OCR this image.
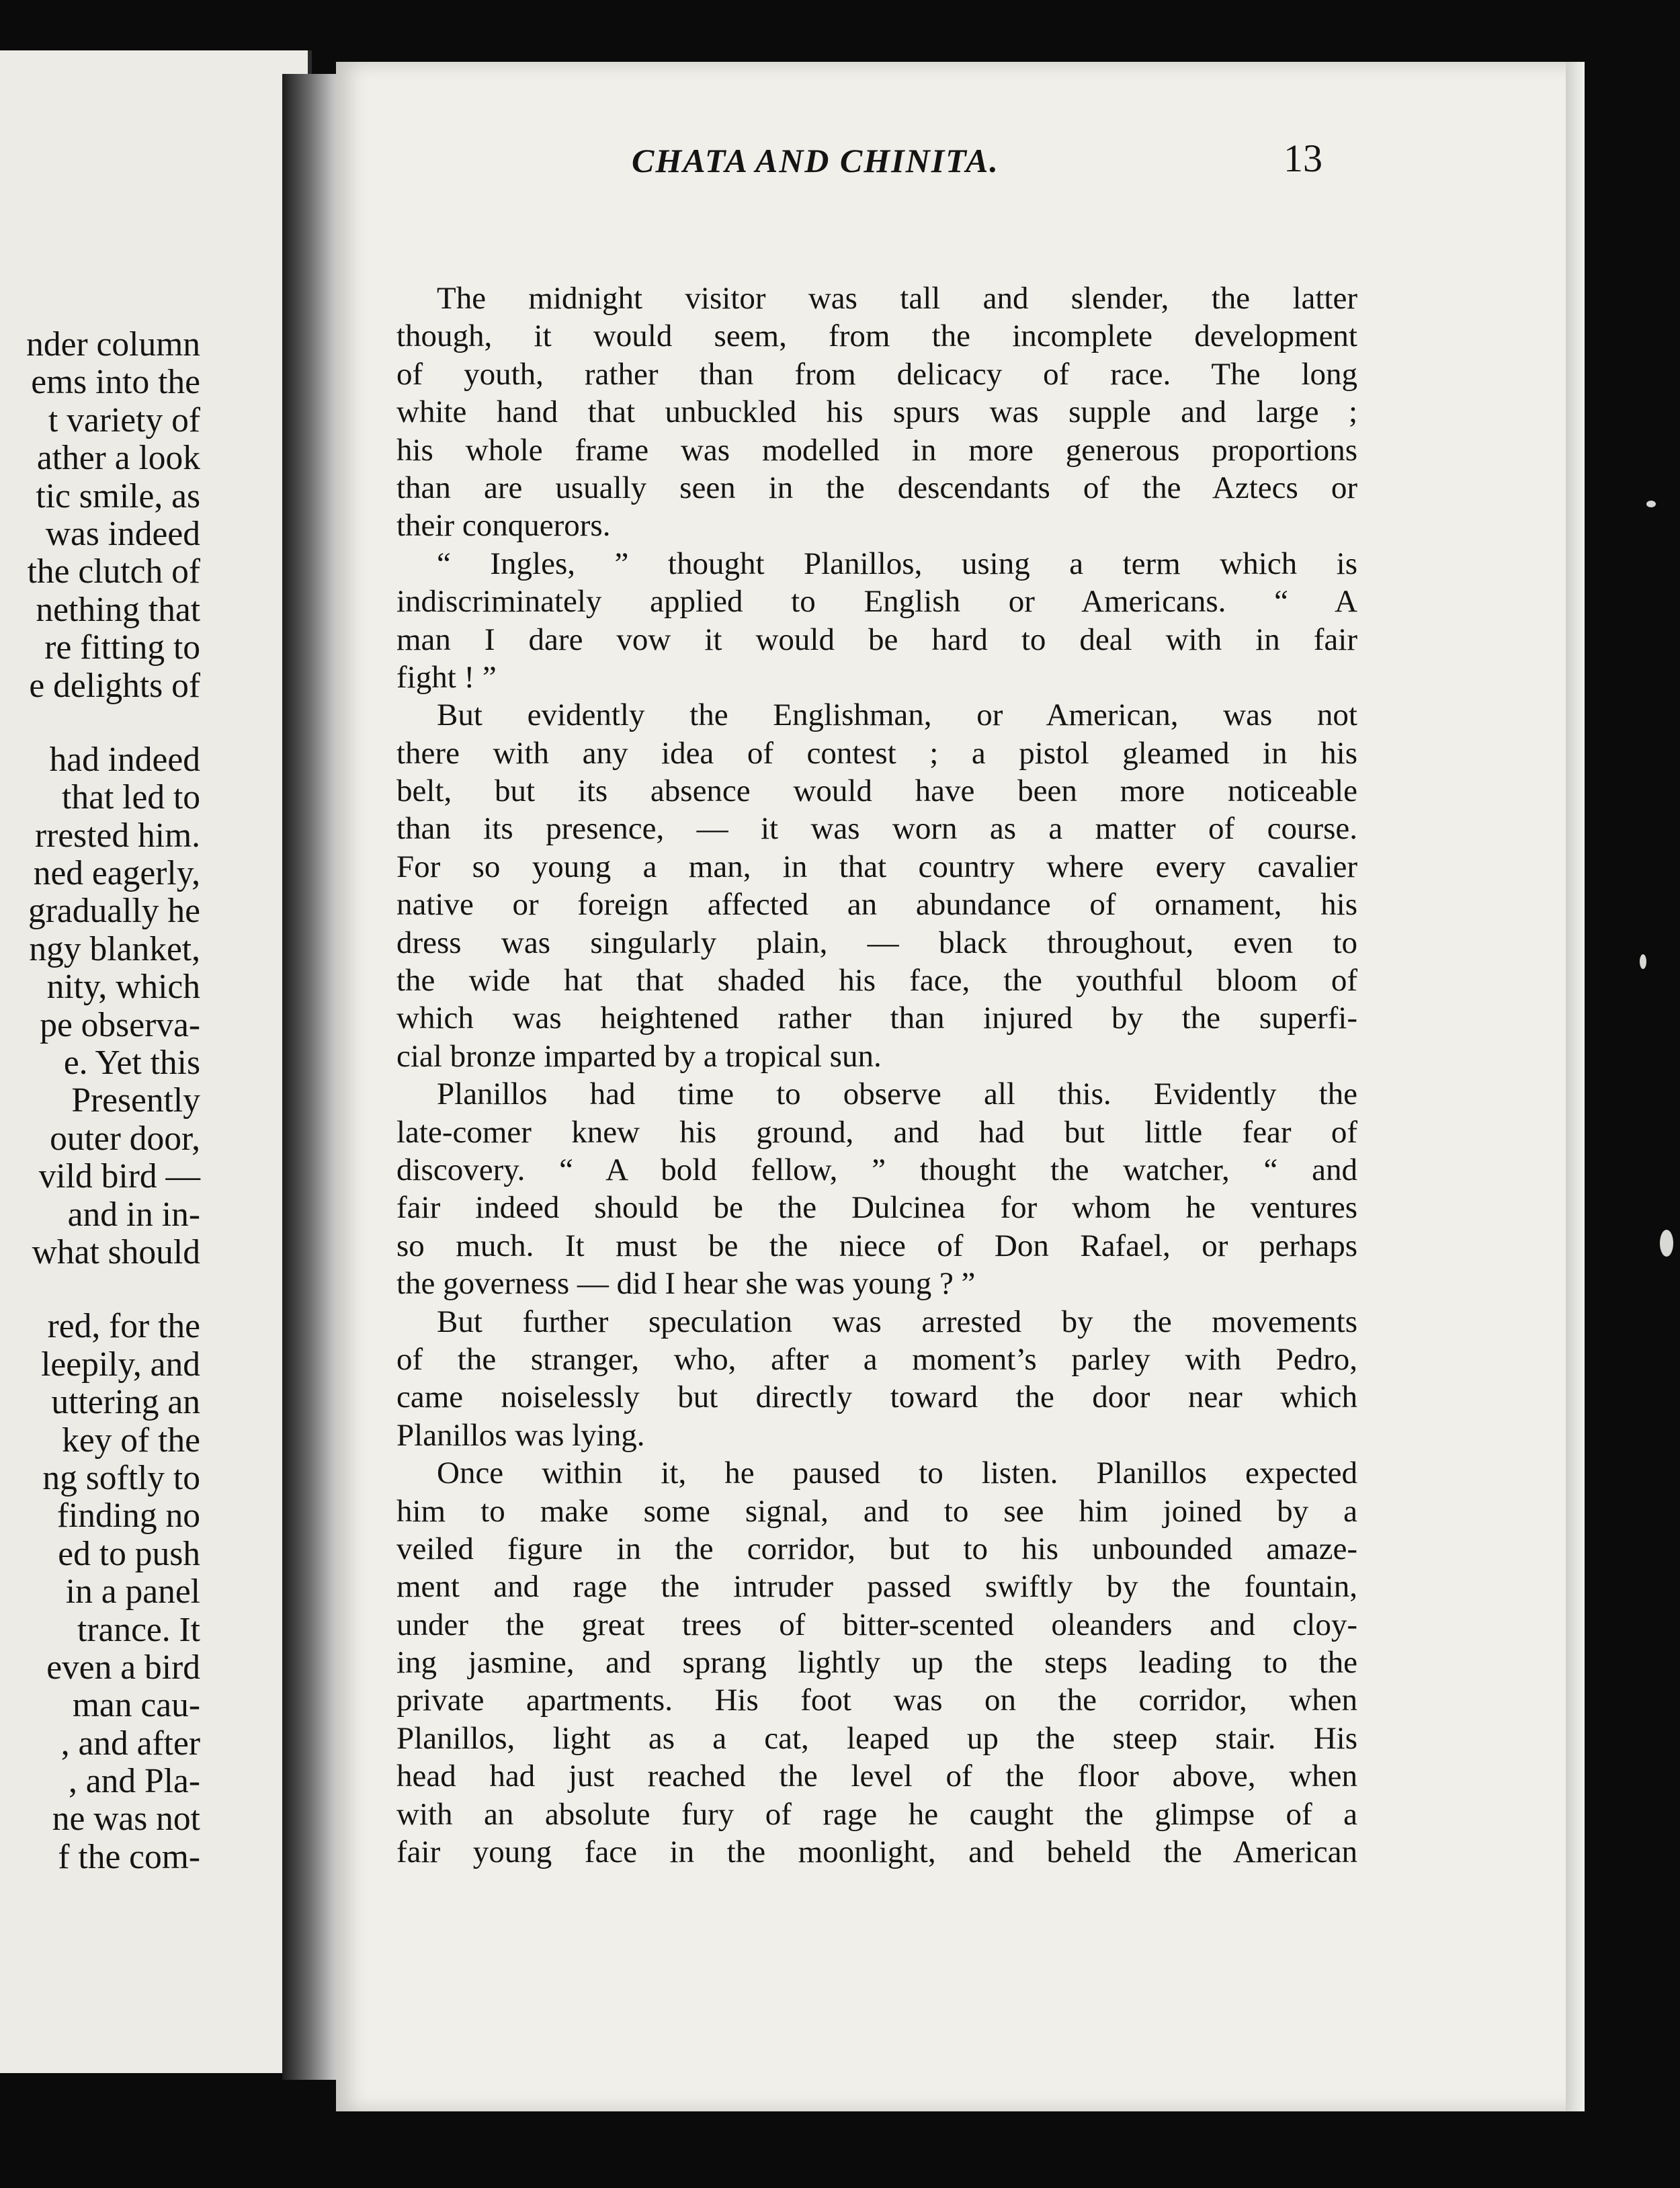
nder column
ems into the
t variety of
ather a look
tic smile, as
was indeed
the clutch of
nething that
re fitting to
e delights of
had indeed
that led to
rrested him.
ned eagerly,
gradually he
ngy blanket,
nity, which
pe observa-
e. Yet this
Presently
outer door,
vild bird —
and in in-
what should
red, for the
leepily, and
uttering an
key of the
ng softly to
finding no
ed to push
in a panel
trance. It
even a bird
man cau-
, and after
, and Pla-
ne was not
f the com-
CHATA AND CHINITA.	13
The midnight visitor was tall and slender, the latter
though, it would seem, from the incomplete development
of youth, rather than from delicacy of race. The long
white hand that unbuckled his spurs was supple and large ;
his whole frame was modelled in more generous proportions
than are usually seen in the descendants of the Aztecs or
their conquerors.
“ Ingles, ” thought Planillos, using a term which is
indiscriminately applied to English or Americans. “ A
man I dare vow it would be hard to deal with in fair
fight ! ”
But evidently the Englishman, or American, was not
there with any idea of contest ; a pistol gleamed in his
belt, but its absence would have been more noticeable
than its presence, — it was worn as a matter of course.
For so young a man, in that country where every cavalier
native or foreign affected an abundance of ornament, his
dress was singularly plain, — black throughout, even to
the wide hat that shaded his face, the youthful bloom of
which was heightened rather than injured by the superfi-
cial bronze imparted by a tropical sun.
Planillos had time to observe all this. Evidently the
late-comer knew his ground, and had but little fear of
discovery. “ A bold fellow, ” thought the watcher, “ and
fair indeed should be the Dulcinea for whom he ventures
so much. It must be the niece of Don Rafael, or perhaps
the governess — did I hear she was young ? ”
But further speculation was arrested by the movements
of the stranger, who, after a moment’s parley with Pedro,
came noiselessly but directly toward the door near which
Planillos was lying.
Once within it, he paused to listen. Planillos expected
him to make some signal, and to see him joined by a
veiled figure in the corridor, but to his unbounded amaze-
ment and rage the intruder passed swiftly by the fountain,
under the great trees of bitter-scented oleanders and cloy-
ing jasmine, and sprang lightly up the steps leading to the
private apartments. His foot was on the corridor, when
Planillos, light as a cat, leaped up the steep stair. His
head had just reached the level of the floor above, when
with an absolute fury of rage he caught the glimpse of a
fair young face in the moonlight, and beheld the American
